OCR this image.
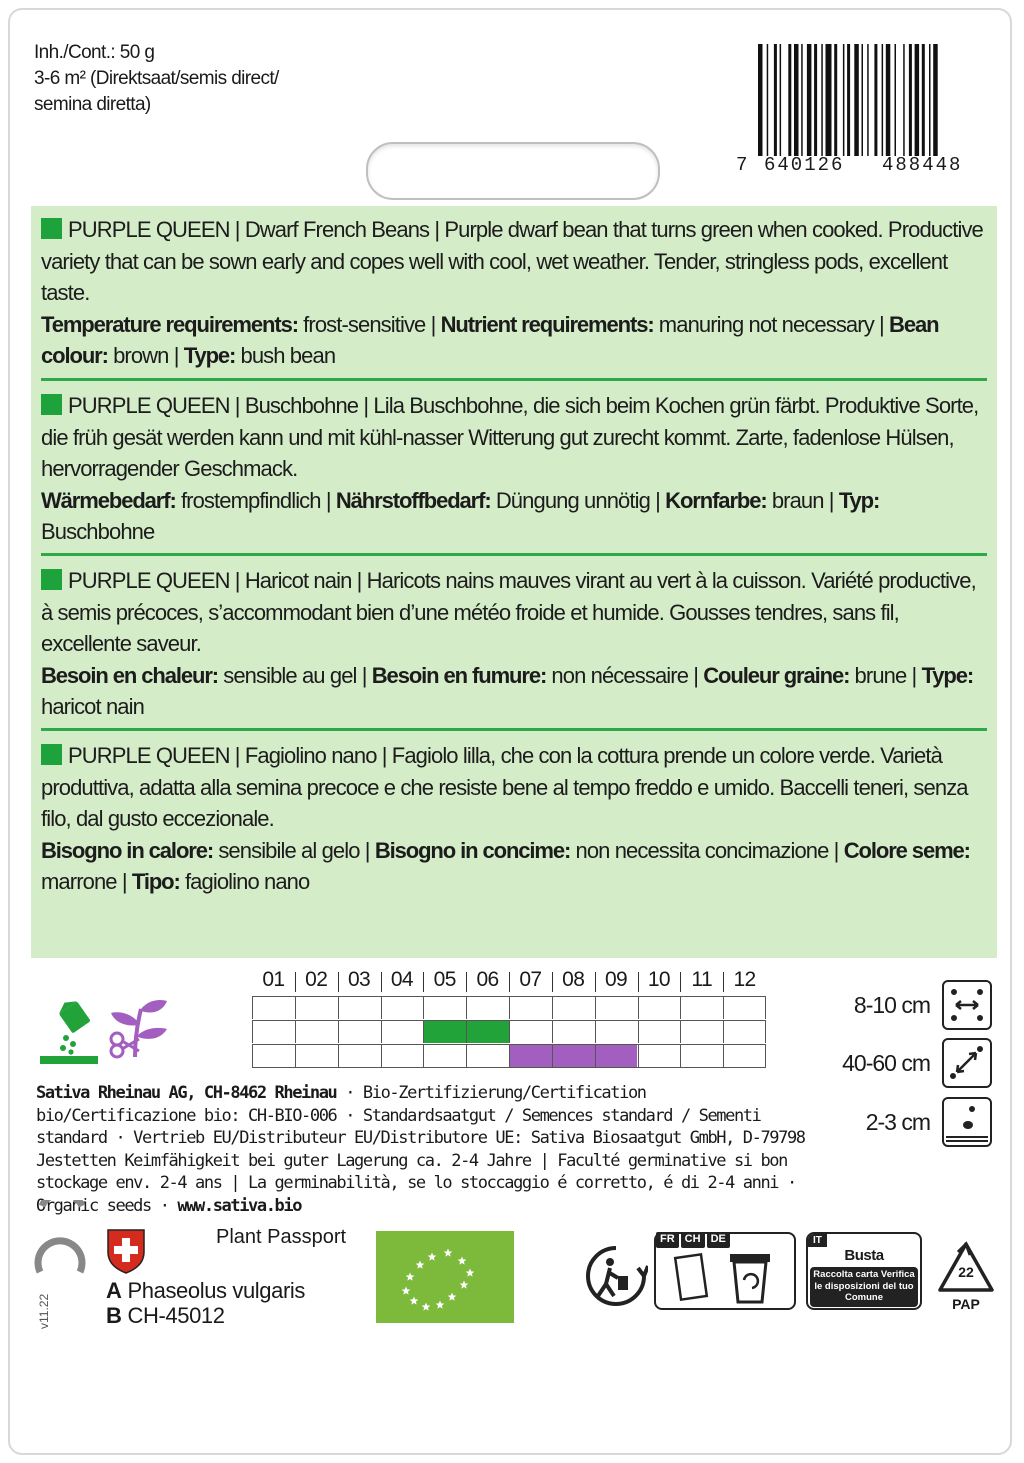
Inh./Cont.: 50 g
3-6 m² (Direktsaat/semis direct/
semina diretta)
7 640126 488448
PURPLE QUEEN | Dwarf French Beans | Purple dwarf bean that turns green when cooked. Productive variety that can be sown early and copes well with cool, wet weather. Tender, stringless pods, excellent taste.
Temperature requirements: frost-sensitive | Nutrient requirements: manuring not necessary | Bean colour: brown | Type: bush bean
PURPLE QUEEN | Buschbohne | Lila Buschbohne, die sich beim Kochen grün färbt. Produktive Sorte, die früh gesät werden kann und mit kühl-nasser Witterung gut zurecht kommt. Zarte, fadenlose Hülsen, hervorragender Geschmack.
Wärmebedarf: frostempfindlich | Nährstoffbedarf: Düngung unnötig | Kornfarbe: braun | Typ: Buschbohne
PURPLE QUEEN | Haricot nain | Haricots nains mauves virant au vert à la cuisson. Variété productive, à semis précoces, s’accommodant bien d’une météo froide et humide. Gousses tendres, sans fil, excellente saveur.
Besoin en chaleur: sensible au gel | Besoin en fumure: non nécessaire | Couleur graine: brune | Type: haricot nain
PURPLE QUEEN | Fagiolino nano | Fagiolo lilla, che con la cottura prende un colore verde. Varietà produttiva, adatta alla semina precoce e che resiste bene al tempo freddo e umido. Baccelli teneri, senza filo, dal gusto eccezionale.
Bisogno in calore: sensibile al gelo | Bisogno in concime: non necessita concimazione | Colore seme: marrone | Tipo: fagiolino nano
01 02 03 04 05 06 07 08 09 10	11	12
8-10 cm
40-60 cm
2-3 cm
Sativa Rheinau AG, CH-8462 Rheinau · Bio-Zertifizierung/Certification bio/Certificazione bio: CH-BIO-006 · Standardsaatgut / Semences standard / Sementi standard · Vertrieb EU/Distributeur EU/Distributore UE: Sativa Biosaatgut GmbH, D-79798 Jestetten Keimfähigkeit bei guter Lagerung ca. 2-4 Jahre | Faculté germinative si bon stockage env. 2-4 ans | La germinabilità, se lo stoccaggio é corretto, é di 2-4 anni · Organic seeds · www.sativa.bio
v11.22
Plant Passport
A Phaseolus vulgaris
B CH-45012
FR CH DE	IT
Busta
Raccolta carta Verifica le disposizioni del tuo Comune
22
PAP
